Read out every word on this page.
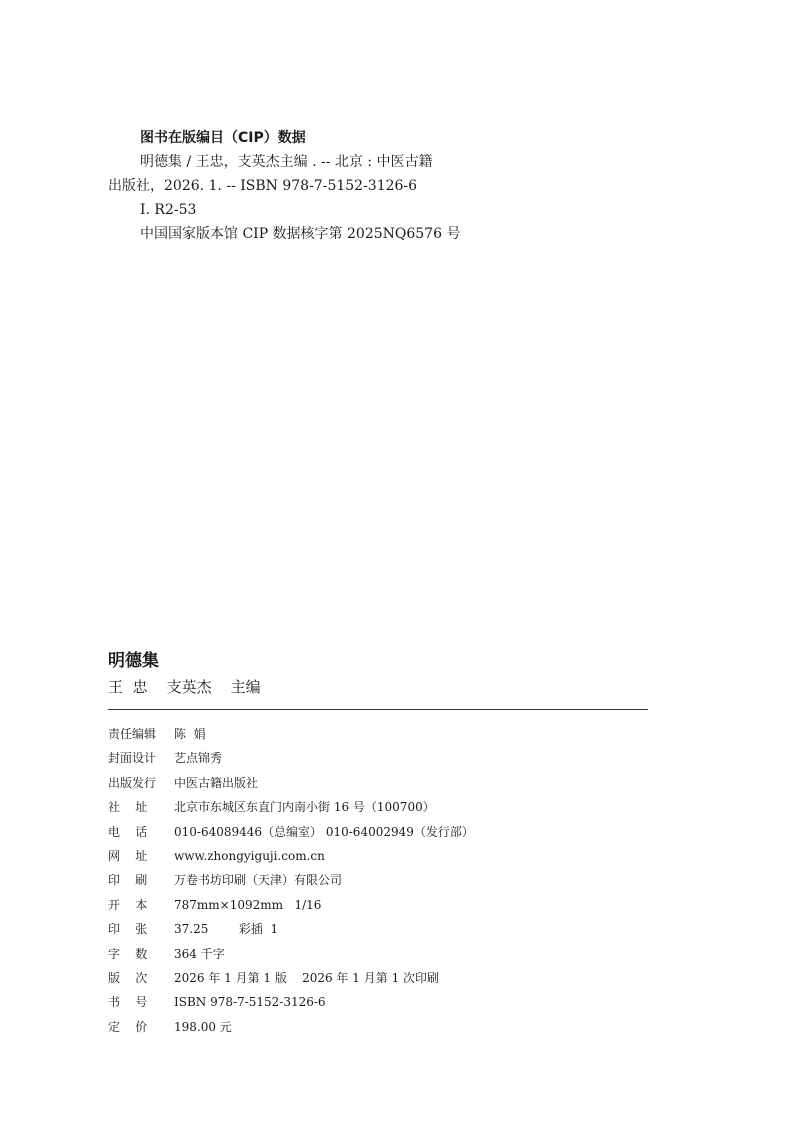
图书在版编目（CIP）数据
明德集 / 王忠，支英杰主编 . -- 北京 : 中医古籍
出版社，2026. 1. -- ISBN 978-7-5152-3126-6
Ⅰ. R2-53
中国国家版本馆 CIP 数据核字第 2025NQ6576 号
明德集
王  忠    支英杰    主编
责任编辑	陈  娟
封面设计	艺点锦秀
出版发行	中医古籍出版社
社    址	北京市东城区东直门内南小街 16 号（100700）
电    话	010-64089446（总编室） 010-64002949（发行部）
网    址	www.zhongyiguji.com.cn
印    刷	万卷书坊印刷（天津）有限公司
开    本	787mm×1092mm   1/16
印    张	37.25        彩插  1
字    数	364 千字
版    次	2026 年 1 月第 1 版    2026 年 1 月第 1 次印刷
书    号	ISBN 978-7-5152-3126-6
定    价	198.00 元
